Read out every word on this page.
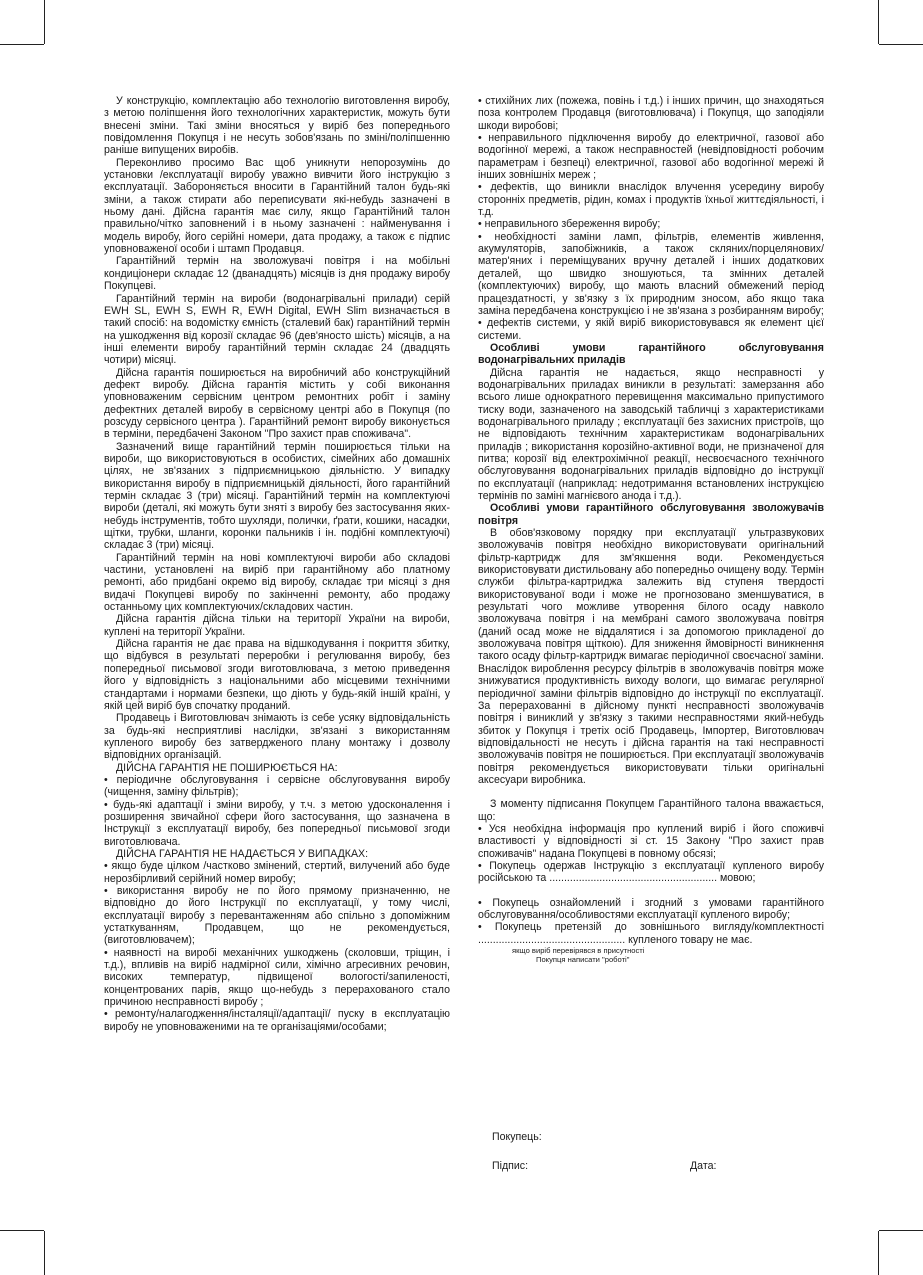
У конструкцію, комплектацію або технологію виготовлення виробу, з метою поліпшення його технологічних характеристик, можуть бути внесені зміни. Такі зміни вносяться у виріб без попереднього повідомлення Покупця і не несуть зобов'язань по зміні/поліпшенню раніше випущених виробів.

Переконливо просимо Вас щоб уникнути непорозумінь до установки /експлуатації виробу уважно вивчити його інструкцію з експлуатації. Забороняється вносити в Гарантійний талон будь-які зміни, а також стирати або переписувати які-небудь зазначені в ньому дані. Дійсна гарантія має силу, якщо Гарантійний талон правильно/чітко заповнений і в ньому зазначені : найменування і модель виробу, його серійні номери, дата продажу, а також є підпис уповноваженої особи і штамп Продавця.

Гарантійний термін на зволожувачі повітря і на мобільні кондиціонери складає 12 (дванадцять) місяців із дня продажу виробу Покупцеві.

Гарантійний термін на вироби (водонагрівальні прилади) серій EWH SL, EWH S, EWH R, EWH Digital, EWH Slim визначається в такий спосіб: на водомістку ємність (сталевий бак) гарантійний термін на ушкодження від корозії складає 96 (дев'яносто шість) місяців, а на інші елементи виробу гарантійний термін складає 24 (двадцять чотири) місяці.

Дійсна гарантія поширюється на виробничий або конструкційний дефект виробу. Дійсна гарантія містить у собі виконання уповноваженим сервісним центром ремонтних робіт і заміну дефектних деталей виробу в сервісному центрі або в Покупця (по розсуду сервісного центра ). Гарантійний ремонт виробу виконується в терміни, передбачені Законом "Про захист прав споживача".

Зазначений вище гарантійний термін поширюється тільки на вироби, що використовуються в особистих, сімейних або домашніх цілях, не зв'язаних з підприємницькою діяльністю. У випадку використання виробу в підприємницькій діяльності, його гарантійний термін складає 3 (три) місяці. Гарантійний термін на комплектуючі вироби (деталі, які можуть бути зняті з виробу без застосування яких-небудь інструментів, тобто шухляди, полички, ґрати, кошики, насадки, щітки, трубки, шланги, коронки пальників і ін. подібні комплектуючі) складає 3 (три) місяці.

Гарантійний термін на нові комплектуючі вироби або складові частини, установлені на виріб при гарантійному або платному ремонті, або придбані окремо від виробу, складає три місяці з дня видачі Покупцеві виробу по закінченні ремонту, або продажу останньому цих комплектуючих/складових частин.

Дійсна гарантія дійсна тільки на території України на вироби, куплені на території України.

Дійсна гарантія не дає права на відшкодування і покриття збитку, що відбувся в результаті переробки і регулювання виробу, без попередньої письмової згоди виготовлювача, з метою приведення його у відповідність з національними або місцевими технічними стандартами і нормами безпеки, що діють у будь-якій іншій країні, у якій цей виріб був спочатку проданий.

Продавець і Виготовлювач знімають із себе усяку відповідальність за будь-які несприятливі наслідки, зв'язані з використанням купленого виробу без затвердженого плану монтажу і дозволу відповідних організацій.

ДІЙСНА ГАРАНТІЯ НЕ ПОШИРЮЄТЬСЯ НА:

• періодичне обслуговування і сервісне обслуговування виробу (чищення, заміну фільтрів);

• будь-які адаптації і зміни виробу, у т.ч. з метою удосконалення і розширення звичайної сфери його застосування, що зазначена в Інструкції з експлуатації виробу, без попередньої письмової згоди виготовлювача.

ДІЙСНА ГАРАНТІЯ НЕ НАДАЄТЬСЯ У ВИПАДКАХ:

• якщо буде цілком /частково змінений, стертий, вилучений або буде нерозбірливий серійний номер виробу;

• використання виробу не по його прямому призначенню, не відповідно до його Інструкції по експлуатації, у тому числі, експлуатації виробу з перевантаженням або спільно з допоміжним устаткуванням, Продавцем, що не рекомендується, (виготовлювачем);

• наявності на виробі механічних ушкоджень (сколовши, тріщин, і т.д.), впливів на виріб надмірної сили, хімічно агресивних речовин, високих температур, підвищеної вологості/запиленості, концентрованих парів, якщо що-небудь з перерахованого стало причиною несправності виробу ;

• ремонту/налагодження/інсталяції/адаптації/ пуску в експлуатацію виробу не уповноваженими на те організаціями/особами;

• стихійних лих (пожежа, повінь і т.д.) і інших причин, що знаходяться поза контролем Продавця (виготовлювача) і Покупця, що заподіяли шкоди виробові;

• неправильного підключення виробу до електричної, газової або водогінної мережі, а також несправностей (невідповідності робочим параметрам і безпеці) електричної, газової або водогінної мережі й інших зовнішніх мереж ;

• дефектів, що виникли внаслідок влучення усередину виробу сторонніх предметів, рідин, комах і продуктів їхньої життєдіяльності, і т.д.

• неправильного збереження виробу;

• необхідності заміни ламп, фільтрів, елементів живлення, акумуляторів, запобіжників, а також скляних/порцелянових/матер'яних і переміщуваних вручну деталей і інших додаткових деталей, що швидко зношуються, та змінних деталей (комплектуючих) виробу, що мають власний обмежений період працездатності, у зв'язку з їх природним зносом, або якщо така заміна передбачена конструкцією і не зв'язана з розбиранням виробу;

• дефектів системи, у якій виріб використовувався як елемент цієї системи.

Особливі умови гарантійного обслуговування водонагрівальних приладів

Дійсна гарантія не надається, якщо несправності у водонагрівальних приладах виникли в результаті: замерзання або всього лише однократного перевищення максимально припустимого тиску води, зазначеного на заводській табличці з характеристиками водонагрівального приладу ; експлуатації без захисних пристроїв, що не відповідають технічним характеристикам водонагрівальних приладів ; використання корозійно-активної води, не призначеної для питва; корозії від електрохімічної реакції, несвоєчасного технічного обслуговування водонагрівальних приладів відповідно до інструкції по експлуатації (наприклад: недотримання встановлених інструкцією термінів по заміні магнієвого анода і т.д.).

Особливі умови гарантійного обслуговування зволожувачів повітря

В обов'язковому порядку при експлуатації ультразвукових зволожувачів повітря необхідно використовувати оригінальний фільтр-картридж для зм'якшення води. Рекомендується використовувати дистильовану або попередньо очищену воду. Термін служби фільтра-картриджа залежить від ступеня твердості використовуваної води і може не прогнозовано зменшуватися, в результаті чого можливе утворення білого осаду навколо зволожувача повітря і на мембрані самого зволожувача повітря (даний осад може не віддалятися і за допомогою прикладеної до зволожувача повітря щіткою). Для зниження ймовірності виникнення такого осаду фільтр-картридж вимагає періодичної своєчасної заміни. Внаслідок вироблення ресурсу фільтрів в зволожувачів повітря може знижуватися продуктивність виходу вологи, що вимагає регулярної періодичної заміни фільтрів відповідно до інструкції по експлуатації. За перерахованні в дійсному пункті несправності зволожувачів повітря і виниклий у зв'язку з такими несправностями який-небудь збиток у Покупця і третіх осіб Продавець, Імпортер, Виготовлювач відповідальності не несуть і дійсна гарантія на такі несправності зволожувачів повітря не поширюється. При експлуатації зволожувачів повітря рекомендується використовувати тільки оригінальні аксесуари виробника.

З моменту підписання Покупцем Гарантійного талона вважається, що:

• Уся необхідна інформація про куплений виріб і його споживчі властивості у відповідності зі ст. 15 Закону "Про захист прав споживачів" надана Покупцеві в повному обсязі;

• Покупець одержав Інструкцію з експлуатації купленого виробу російською та ......................................................... мовою;

• Покупець ознайомлений і згодний з умовами гарантійного обслуговування/особливостями експлуатації купленого виробу;

• Покупець претензій до зовнішнього вигляду/комплектності .................................................. купленого товару не має.

якщо виріб перевірявся в присутності

Покупця написати "роботі"

Покупець:
Підпис:	Дата:
